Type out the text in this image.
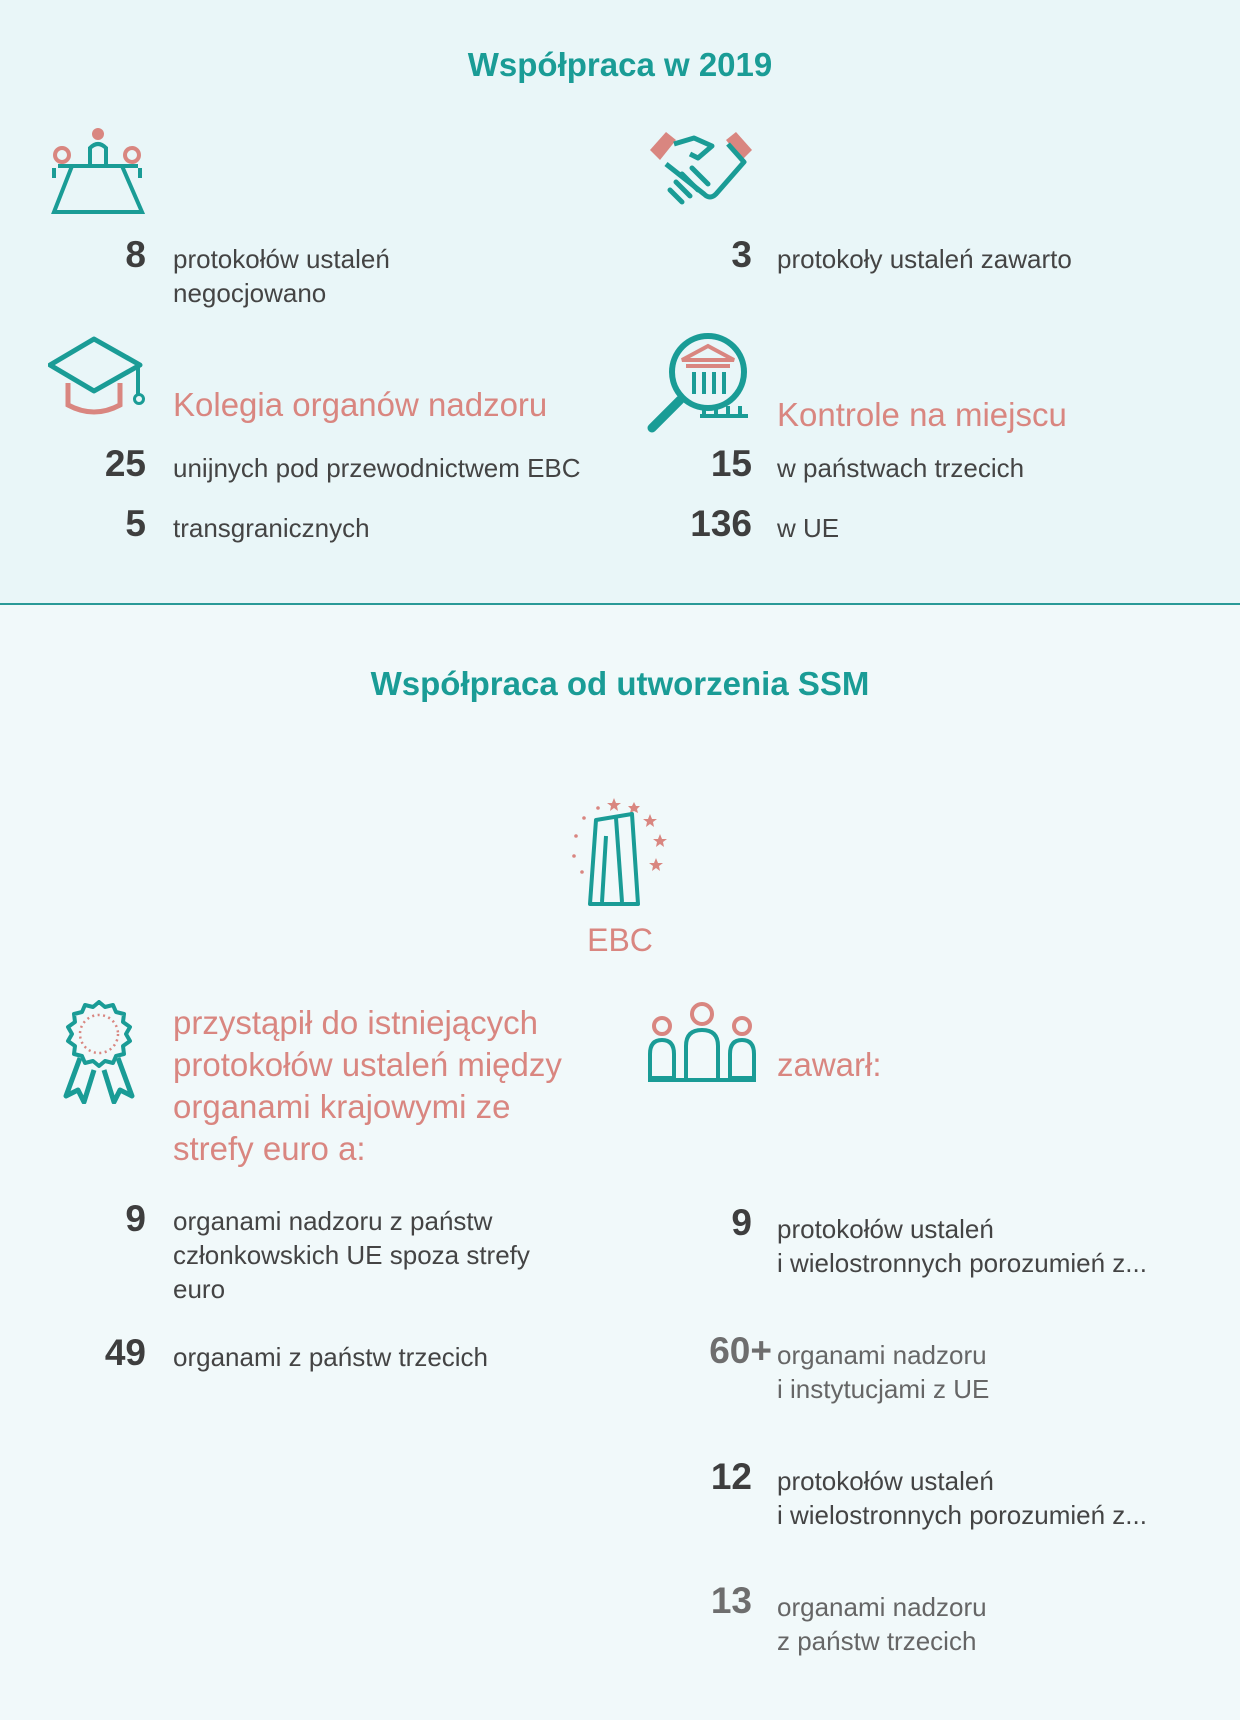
Współpraca w 2019
8 protokołów ustaleń
negocjowano
3 protokoły ustaleń zawarto
Kolegia organów nadzoru
25 unijnych pod przewodnictwem EBC
5 transgranicznych
Kontrole na miejscu
15 w państwach trzecich
136 w UE
Współpraca od utworzenia SSM
EBC
przystąpił do istniejących
protokołów ustaleń między
organami krajowymi ze
strefy euro a:
9 organami nadzoru z państw
członkowskich UE spoza strefy
euro
49 organami z państw trzecich
zawarł:
9 protokołów ustaleń
i wielostronnych porozumień z...
60+ organami nadzoru
i instytucjami z UE
12 protokołów ustaleń
i wielostronnych porozumień z...
13 organami nadzoru
z państw trzecich
